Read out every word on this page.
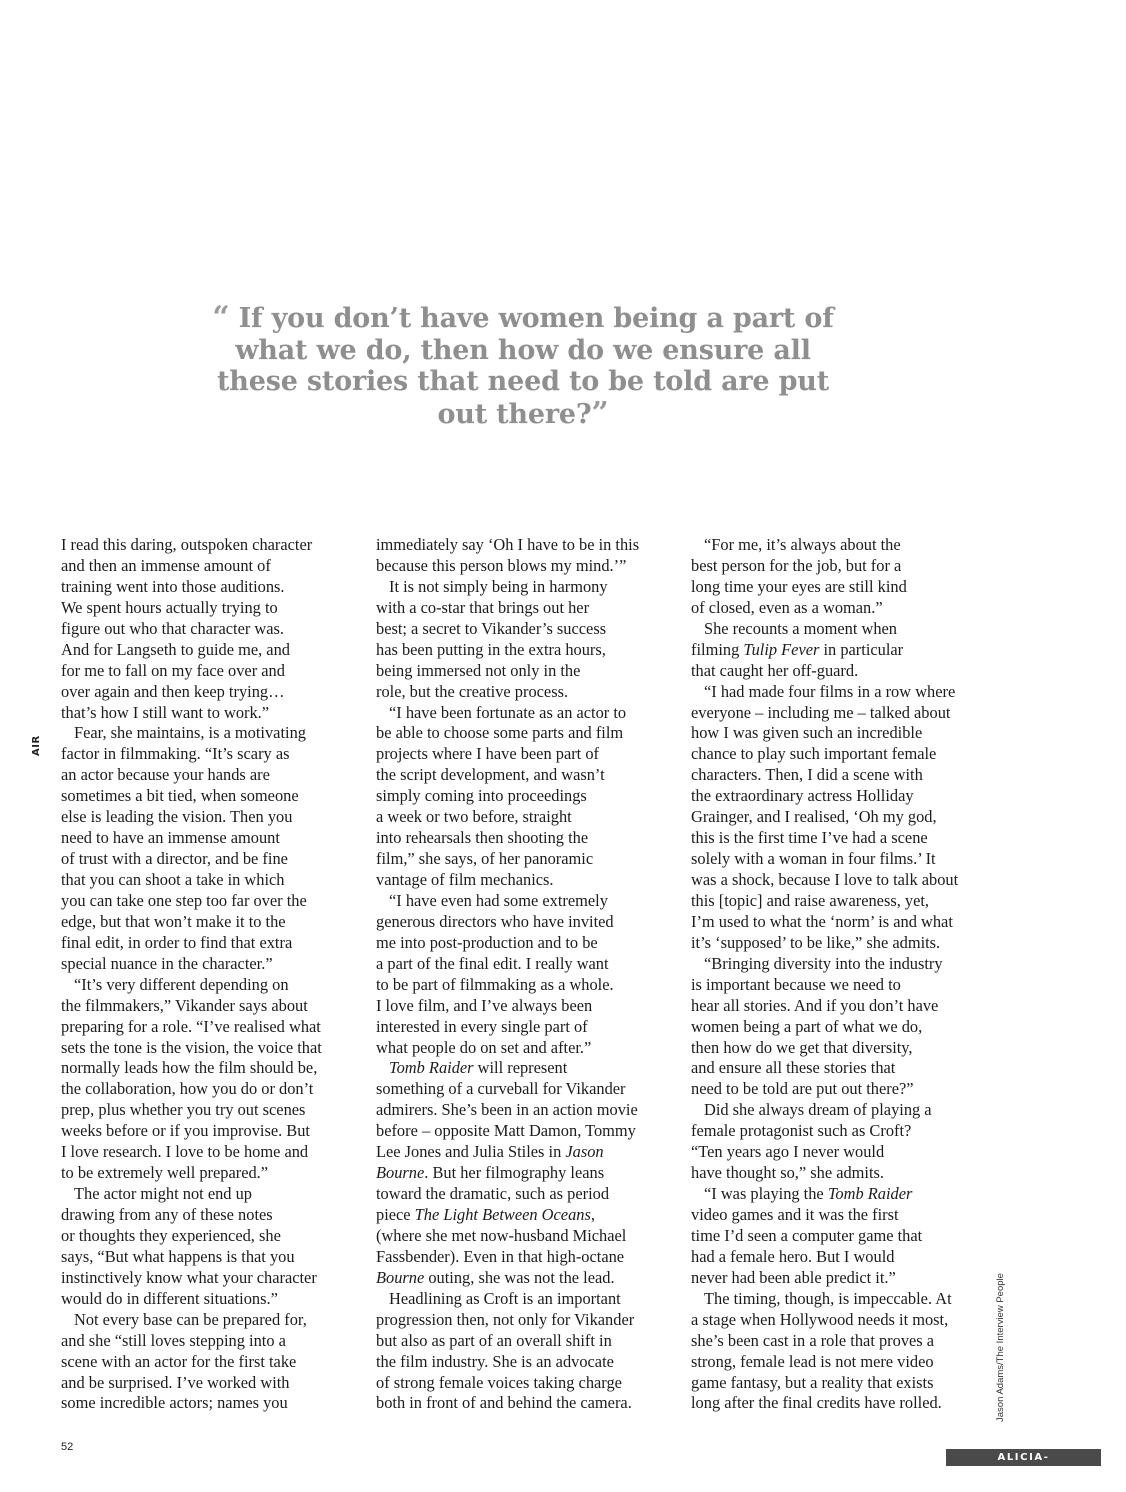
“ If you don’t have women being a part of what we do, then how do we ensure all these stories that need to be told are put out there?”
AIR

I read this daring, outspoken character
and then an immense amount of
training went into those auditions.
We spent hours actually trying to
figure out who that character was.
And for Langseth to guide me, and
for me to fall on my face over and
over again and then keep trying…
that’s how I still want to work.”

Fear, she maintains, is a motivating
factor in filmmaking. “It’s scary as
an actor because your hands are
sometimes a bit tied, when someone
else is leading the vision. Then you
need to have an immense amount
of trust with a director, and be fine
that you can shoot a take in which
you can take one step too far over the
edge, but that won’t make it to the
final edit, in order to find that extra
special nuance in the character.”

“It’s very different depending on
the filmmakers,” Vikander says about
preparing for a role. “I’ve realised what
sets the tone is the vision, the voice that
normally leads how the film should be,
the collaboration, how you do or don’t
prep, plus whether you try out scenes
weeks before or if you improvise. But
I love research. I love to be home and
to be extremely well prepared.”

The actor might not end up
drawing from any of these notes
or thoughts they experienced, she
says, “But what happens is that you
instinctively know what your character
would do in different situations.”

Not every base can be prepared for,
and she “still loves stepping into a
scene with an actor for the first take
and be surprised. I’ve worked with
some incredible actors; names you

immediately say ‘Oh I have to be in this
because this person blows my mind.’”

It is not simply being in harmony
with a co-star that brings out her
best; a secret to Vikander’s success
has been putting in the extra hours,
being immersed not only in the
role, but the creative process.

“I have been fortunate as an actor to
be able to choose some parts and film
projects where I have been part of
the script development, and wasn’t
simply coming into proceedings
a week or two before, straight
into rehearsals then shooting the
film,” she says, of her panoramic
vantage of film mechanics.

“I have even had some extremely
generous directors who have invited
me into post-production and to be
a part of the final edit. I really want
to be part of filmmaking as a whole.
I love film, and I’ve always been
interested in every single part of
what people do on set and after.”

Tomb Raider will represent
something of a curveball for Vikander
admirers. She’s been in an action movie
before – opposite Matt Damon, Tommy
Lee Jones and Julia Stiles in Jason
Bourne. But her filmography leans
toward the dramatic, such as period
piece The Light Between Oceans,
(where she met now-husband Michael
Fassbender). Even in that high-octane
Bourne outing, she was not the lead.

Headlining as Croft is an important
progression then, not only for Vikander
but also as part of an overall shift in
the film industry. She is an advocate
of strong female voices taking charge
both in front of and behind the camera.

“For me, it’s always about the
best person for the job, but for a
long time your eyes are still kind
of closed, even as a woman.”

She recounts a moment when
filming Tulip Fever in particular
that caught her off-guard.

“I had made four films in a row where
everyone – including me – talked about
how I was given such an incredible
chance to play such important female
characters. Then, I did a scene with
the extraordinary actress Holliday
Grainger, and I realised, ‘Oh my god,
this is the first time I’ve had a scene
solely with a woman in four films.’ It
was a shock, because I love to talk about
this [topic] and raise awareness, yet,
I’m used to what the ‘norm’ is and what
it’s ‘supposed’ to be like,” she admits.

“Bringing diversity into the industry
is important because we need to
hear all stories. And if you don’t have
women being a part of what we do,
then how do we get that diversity,
and ensure all these stories that
need to be told are put out there?”

Did she always dream of playing a
female protagonist such as Croft?
“Ten years ago I never would
have thought so,” she admits.

“I was playing the Tomb Raider
video games and it was the first
time I’d seen a computer game that
had a female hero. But I would
never had been able predict it.”

The timing, though, is impeccable. At
a stage when Hollywood needs it most,
she’s been cast in a role that proves a
strong, female lead is not mere video
game fantasy, but a reality that exists
long after the final credits have rolled.	Jason Adams/The Interview People
52
ALICIA-VIKANDER.ORG
